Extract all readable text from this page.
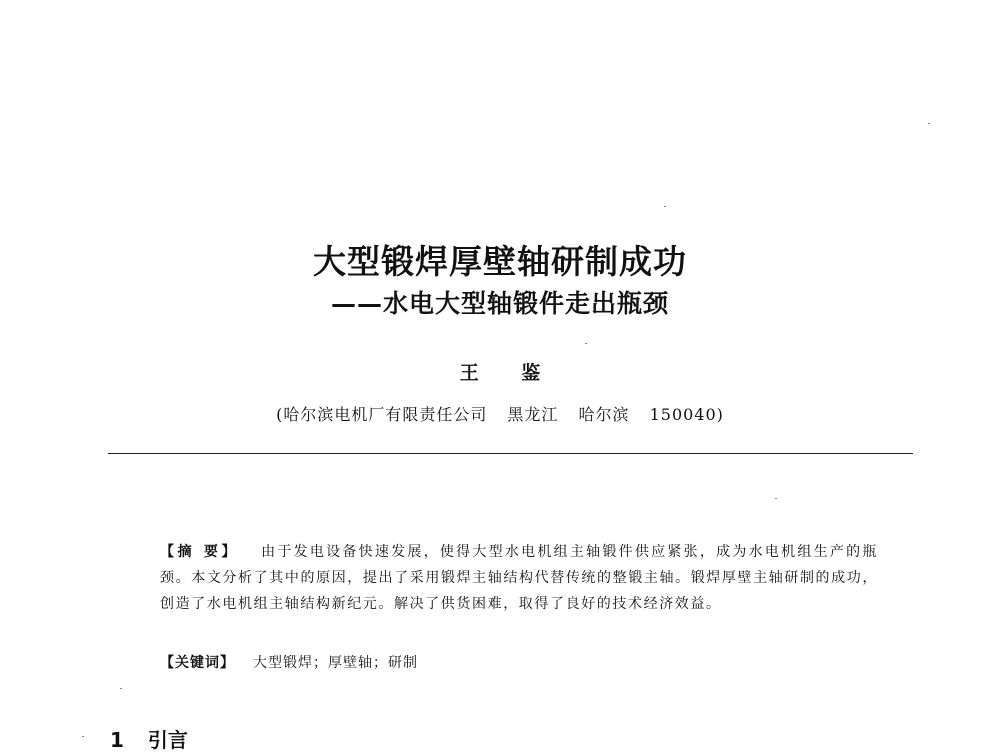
大型锻焊厚壁轴研制成功
——水电大型轴锻件走出瓶颈
王 鉴
(哈尔滨电机厂有限责任公司 黑龙江 哈尔滨 150040)
【摘 要】 由于发电设备快速发展，使得大型水电机组主轴锻件供应紧张，成为水电机组生产的瓶颈。本文分析了其中的原因，提出了采用锻焊主轴结构代替传统的整锻主轴。锻焊厚壁主轴研制的成功，创造了水电机组主轴结构新纪元。解决了供货困难，取得了良好的技术经济效益。
【关键词】 大型锻焊；厚壁轴；研制
1 引言
